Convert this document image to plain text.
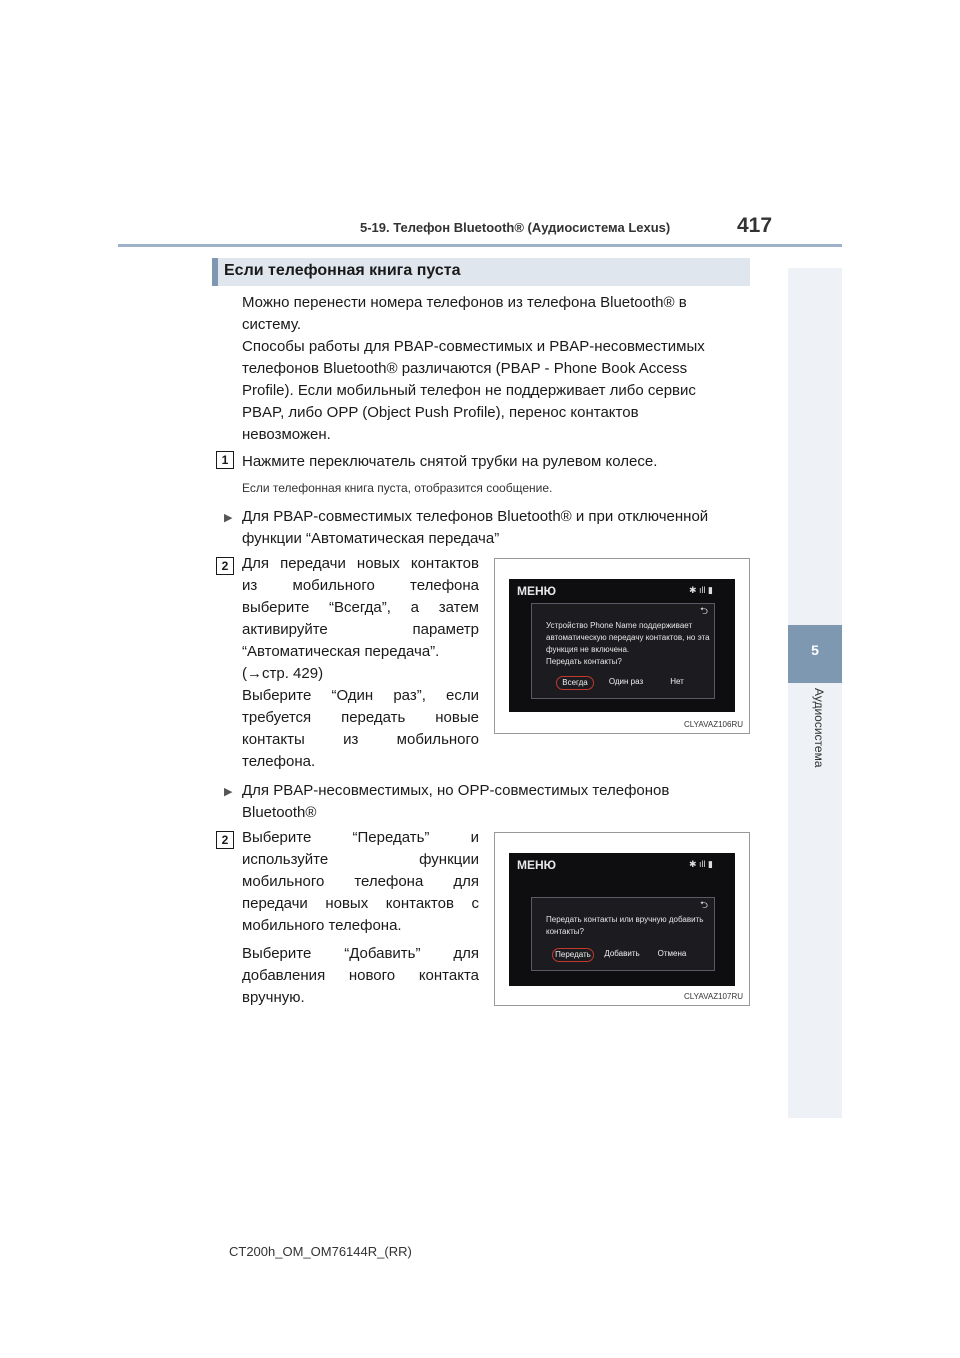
5-19. Телефон Bluetooth® (Аудиосистема Lexus)	417
5
Аудиосистема
Если телефонная книга пуста
Можно перенести номера телефонов из телефона Bluetooth® в
систему.
Способы работы для PBAP-совместимых и PBAP-несовместимых
телефонов Bluetooth® различаются (PBAP - Phone Book Access
Profile). Если мобильный телефон не поддерживает либо сервис
PBAP, либо OPP (Object Push Profile), перенос контактов
невозможен.
1 Нажмите переключатель снятой трубки на рулевом колесе.
Если телефонная книга пуста, отобразится сообщение.
▶ Для PBAP-совместимых телефонов Bluetooth® и при отключенной
функции “Автоматическая передача”
2 Для передачи новых контактов
из мобильного телефона
выберите “Всегда”, а затем
активируйте параметр
“Автоматическая передача”.
(→стр. 429)
Выберите “Один раз”, если
требуется передать новые
контакты из мобильного
телефона.
МЕНЮ	✱ ıll ▮
⮌
Устройство Phone Name поддерживает
автоматическую передачу контактов, но эта
функция не включена.
Передать контакты?
Всегда	Один раз	Нет
CLYAVAZ106RU
▶ Для PBAP-несовместимых, но OPP-совместимых телефонов
Bluetooth®
2 Выберите “Передать” и
используйте функции
мобильного телефона для
передачи новых контактов с
мобильного телефона.
Выберите “Добавить” для
добавления нового контакта
вручную.
МЕНЮ	✱ ıll ▮
⮌
Передать контакты или вручную добавить
контакты?
Передать	Добавить	Отмена
CLYAVAZ107RU
CT200h_OM_OM76144R_(RR)
